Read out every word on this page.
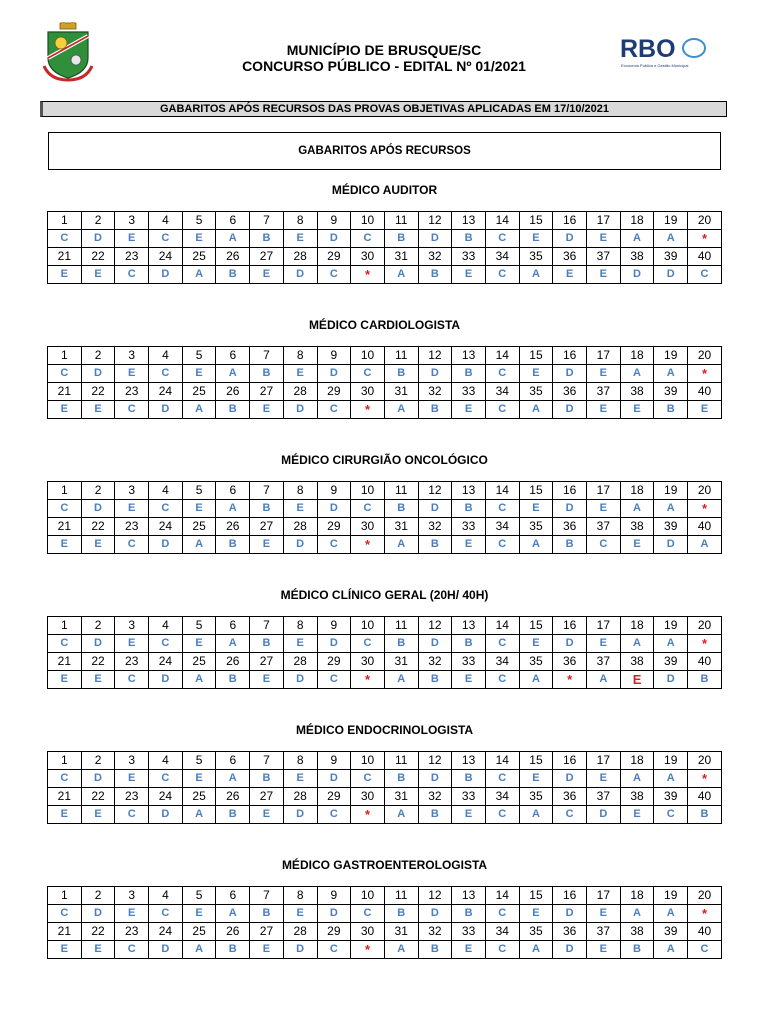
RBO
Economia Pública e Gestão Municipal
MUNICÍPIO DE BRUSQUE/SC
CONCURSO PÚBLICO - EDITAL Nº 01/2021
GABARITOS APÓS RECURSOS DAS PROVAS OBJETIVAS APLICADAS EM 17/10/2021
GABARITOS APÓS RECURSOS
MÉDICO AUDITOR
1	2	3	4	5	6	7	8	9	10	11	12	13	14	15	16	17	18	19	20
C	D	E	C	E	A	B	E	D	C	B	D	B	C	E	D	E	A	A	*
21	22	23	24	25	26	27	28	29	30	31	32	33	34	35	36	37	38	39	40
E	E	C	D	A	B	E	D	C	*	A	B	E	C	A	E	E	D	D	C
MÉDICO CARDIOLOGISTA
1	2	3	4	5	6	7	8	9	10	11	12	13	14	15	16	17	18	19	20
C	D	E	C	E	A	B	E	D	C	B	D	B	C	E	D	E	A	A	*
21	22	23	24	25	26	27	28	29	30	31	32	33	34	35	36	37	38	39	40
E	E	C	D	A	B	E	D	C	*	A	B	E	C	A	D	E	E	B	E
MÉDICO CIRURGIÃO ONCOLÓGICO
1	2	3	4	5	6	7	8	9	10	11	12	13	14	15	16	17	18	19	20
C	D	E	C	E	A	B	E	D	C	B	D	B	C	E	D	E	A	A	*
21	22	23	24	25	26	27	28	29	30	31	32	33	34	35	36	37	38	39	40
E	E	C	D	A	B	E	D	C	*	A	B	E	C	A	B	C	E	D	A
MÉDICO CLÍNICO GERAL (20H/ 40H)
1	2	3	4	5	6	7	8	9	10	11	12	13	14	15	16	17	18	19	20
C	D	E	C	E	A	B	E	D	C	B	D	B	C	E	D	E	A	A	*
21	22	23	24	25	26	27	28	29	30	31	32	33	34	35	36	37	38	39	40
E	E	C	D	A	B	E	D	C	*	A	B	E	C	A	*	A	E	D	B
MÉDICO ENDOCRINOLOGISTA
1	2	3	4	5	6	7	8	9	10	11	12	13	14	15	16	17	18	19	20
C	D	E	C	E	A	B	E	D	C	B	D	B	C	E	D	E	A	A	*
21	22	23	24	25	26	27	28	29	30	31	32	33	34	35	36	37	38	39	40
E	E	C	D	A	B	E	D	C	*	A	B	E	C	A	C	D	E	C	B
MÉDICO GASTROENTEROLOGISTA
1	2	3	4	5	6	7	8	9	10	11	12	13	14	15	16	17	18	19	20
C	D	E	C	E	A	B	E	D	C	B	D	B	C	E	D	E	A	A	*
21	22	23	24	25	26	27	28	29	30	31	32	33	34	35	36	37	38	39	40
E	E	C	D	A	B	E	D	C	*	A	B	E	C	A	D	E	B	A	C
